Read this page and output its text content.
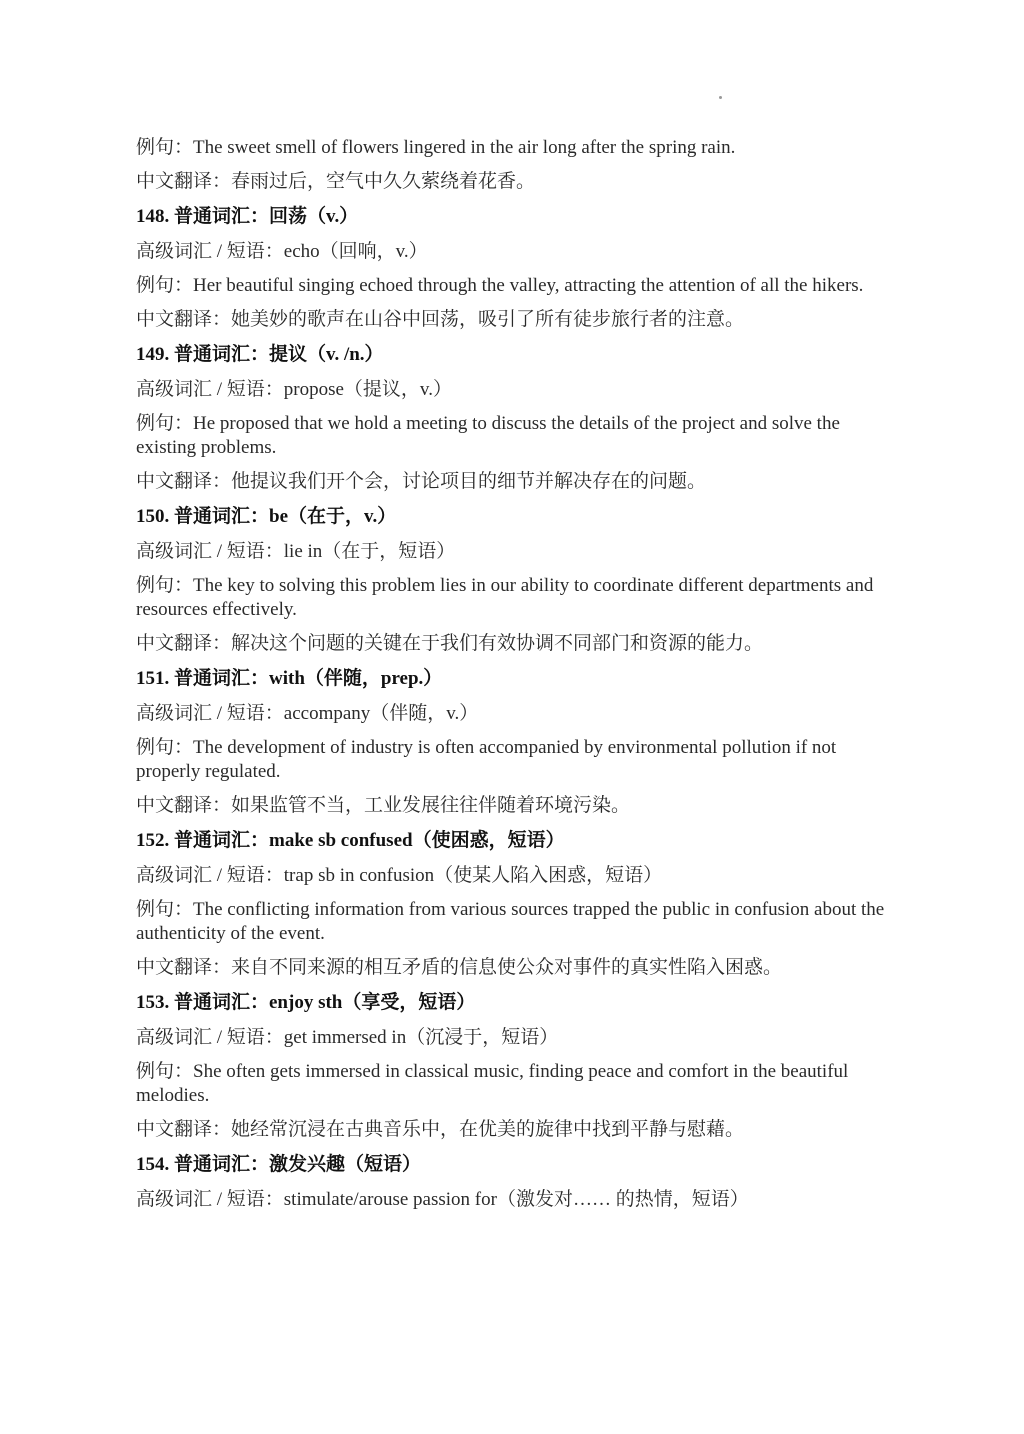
例句：The sweet smell of flowers lingered in the air long after the spring rain.

中文翻译：春雨过后，空气中久久萦绕着花香。

148. 普通词汇：回荡（v.）

高级词汇 / 短语：echo（回响，v.）

例句：Her beautiful singing echoed through the valley, attracting the attention of all the hikers.

中文翻译：她美妙的歌声在山谷中回荡，吸引了所有徒步旅行者的注意。

149. 普通词汇：提议（v. /n.）

高级词汇 / 短语：propose（提议，v.）

例句：He proposed that we hold a meeting to discuss the details of the project and solve the existing problems.

中文翻译：他提议我们开个会，讨论项目的细节并解决存在的问题。

150. 普通词汇：be（在于，v.）

高级词汇 / 短语：lie in（在于，短语）

例句：The key to solving this problem lies in our ability to coordinate different departments and resources effectively.

中文翻译：解决这个问题的关键在于我们有效协调不同部门和资源的能力。

151. 普通词汇：with（伴随，prep.）

高级词汇 / 短语：accompany（伴随，v.）

例句：The development of industry is often accompanied by environmental pollution if not properly regulated.

中文翻译：如果监管不当，工业发展往往伴随着环境污染。

152. 普通词汇：make sb confused（使困惑，短语）

高级词汇 / 短语：trap sb in confusion（使某人陷入困惑，短语）

例句：The conflicting information from various sources trapped the public in confusion about the authenticity of the event.

中文翻译：来自不同来源的相互矛盾的信息使公众对事件的真实性陷入困惑。

153. 普通词汇：enjoy sth（享受，短语）

高级词汇 / 短语：get immersed in（沉浸于，短语）

例句：She often gets immersed in classical music, finding peace and comfort in the beautiful melodies.

中文翻译：她经常沉浸在古典音乐中，在优美的旋律中找到平静与慰藉。

154. 普通词汇：激发兴趣（短语）

高级词汇 / 短语：stimulate/arouse passion for（激发对…… 的热情，短语）
